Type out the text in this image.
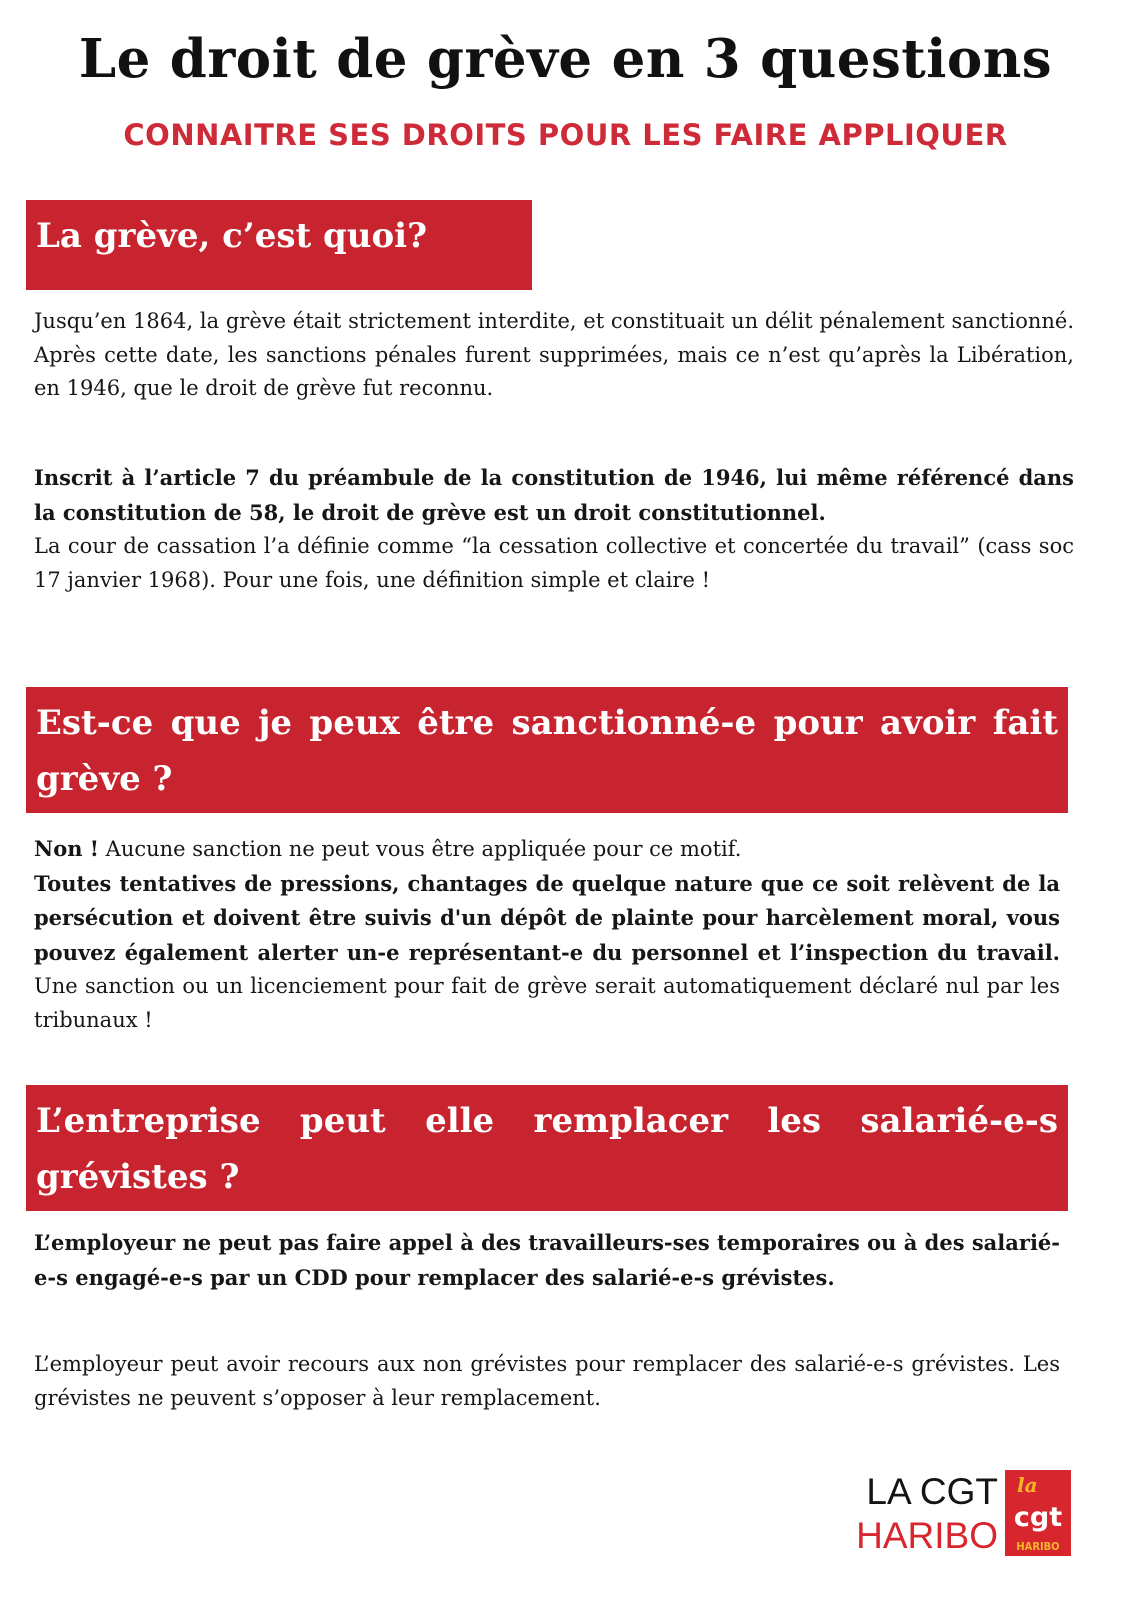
Le droit de grève en 3 questions
CONNAITRE SES DROITS POUR LES FAIRE APPLIQUER
La grève, c’est quoi?
Jusqu’en 1864, la grève était strictement interdite, et constituait un délit pénalement sanctionné. Après cette date, les sanctions pénales furent supprimées, mais ce n’est qu’après la Libération, en 1946, que le droit de grève fut reconnu.
Inscrit à l’article 7 du préambule de la constitution de 1946, lui même référencé dans la constitution de 58, le droit de grève est un droit constitutionnel.
La cour de cassation l’a définie comme “la cessation collective et concertée du travail” (cass soc 17 janvier 1968). Pour une fois, une définition simple et claire !
Est-ce que je peux être sanctionné-e pour avoir fait grève ?
Non ! Aucune sanction ne peut vous être appliquée pour ce motif.
Toutes tentatives de pressions, chantages de quelque nature que ce soit relèvent de la persécution et doivent être suivis d'un dépôt de plainte pour harcèlement moral, vous pouvez également alerter un-e représentant-e du personnel et l’inspection du travail. Une sanction ou un licenciement pour fait de grève serait automatiquement déclaré nul par les tribunaux !
L’entreprise peut elle remplacer les salarié-e-s grévistes ?
L’employeur ne peut pas faire appel à des travailleurs-ses temporaires ou à des salarié-e-s engagé-e-s par un CDD pour remplacer des salarié-e-s grévistes.
L’employeur peut avoir recours aux non grévistes pour remplacer des salarié-e-s grévistes. Les grévistes ne peuvent s’opposer à leur remplacement.
LA CGT
HARIBO
la
cgt
HARIBO
